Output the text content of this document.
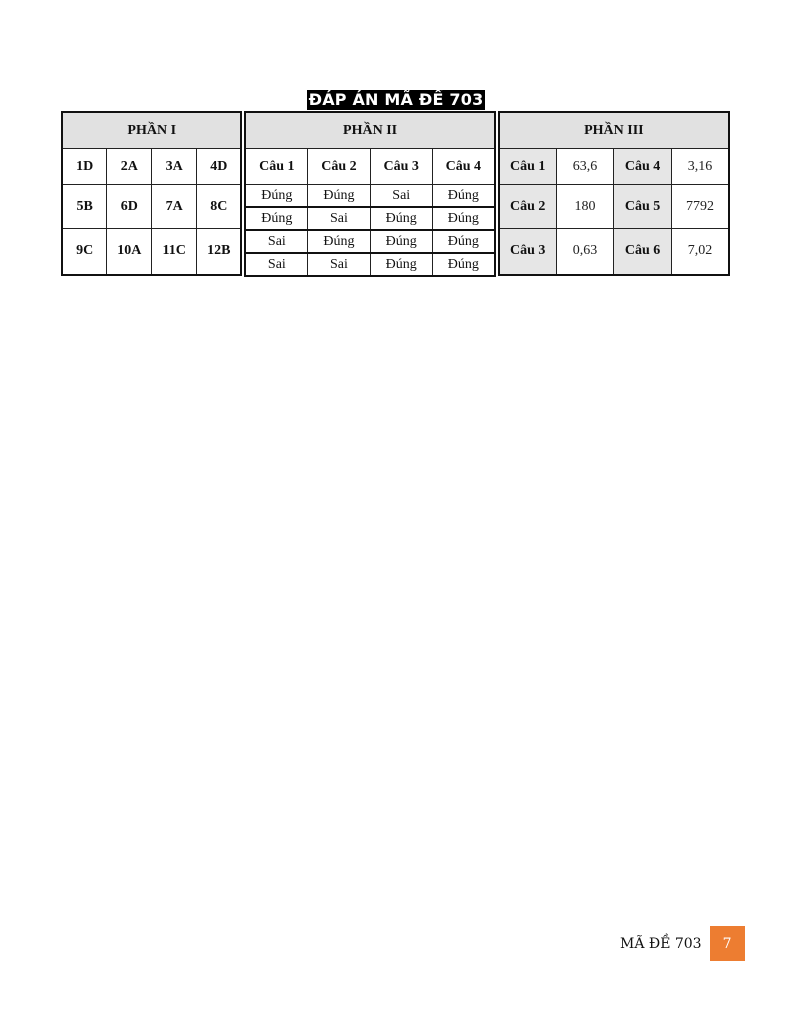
ĐÁP ÁN MÃ ĐỀ 703
PHẦN I			
1D	2A	3A	4D
5B	6D	7A	8C
9C	10A	11C	12B
PHẦN II			
Câu 1	Câu 2	Câu 3	Câu 4
Đúng	Đúng	Sai	Đúng
Đúng	Sai	Đúng	Đúng
Sai	Đúng	Đúng	Đúng
Sai	Sai	Đúng	Đúng
PHẦN III			
Câu 1	63,6	Câu 4	3,16
Câu 2	180	Câu 5	7792
Câu 3	0,63	Câu 6	7,02
MÃ ĐỀ 703	7
